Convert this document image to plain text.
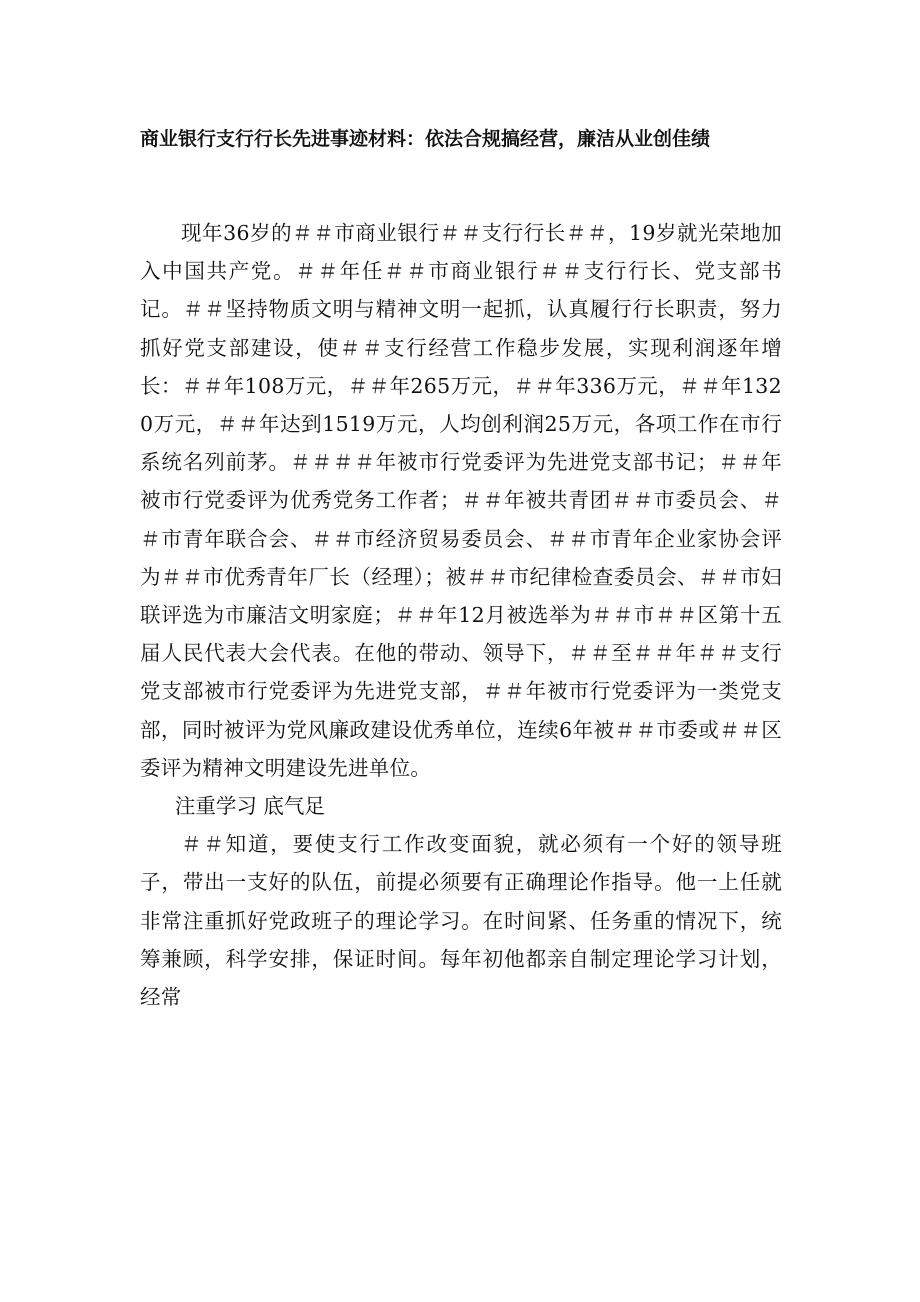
商业银行支行行长先进事迹材料：依法合规搞经营，廉洁从业创佳绩

现年36岁的＃＃市商业银行＃＃支行行长＃＃，19岁就光荣地加入中国共产党。＃＃年任＃＃市商业银行＃＃支行行长、党支部书记。＃＃坚持物质文明与精神文明一起抓，认真履行行长职责，努力抓好党支部建设，使＃＃支行经营工作稳步发展，实现利润逐年增长：＃＃年108万元，＃＃年265万元，＃＃年336万元，＃＃年1320万元，＃＃年达到1519万元，人均创利润25万元，各项工作在市行系统名列前茅。＃＃＃＃年被市行党委评为先进党支部书记；＃＃年被市行党委评为优秀党务工作者；＃＃年被共青团＃＃市委员会、＃＃市青年联合会、＃＃市经济贸易委员会、＃＃市青年企业家协会评为＃＃市优秀青年厂长（经理）；被＃＃市纪律检查委员会、＃＃市妇联评选为市廉洁文明家庭；＃＃年12月被选举为＃＃市＃＃区第十五届人民代表大会代表。在他的带动、领导下，＃＃至＃＃年＃＃支行党支部被市行党委评为先进党支部，＃＃年被市行党委评为一类党支部，同时被评为党风廉政建设优秀单位，连续6年被＃＃市委或＃＃区委评为精神文明建设先进单位。

注重学习 底气足

＃＃知道，要使支行工作改变面貌，就必须有一个好的领导班子，带出一支好的队伍，前提必须要有正确理论作指导。他一上任就非常注重抓好党政班子的理论学习。在时间紧、任务重的情况下，统筹兼顾，科学安排，保证时间。每年初他都亲自制定理论学习计划，经常
